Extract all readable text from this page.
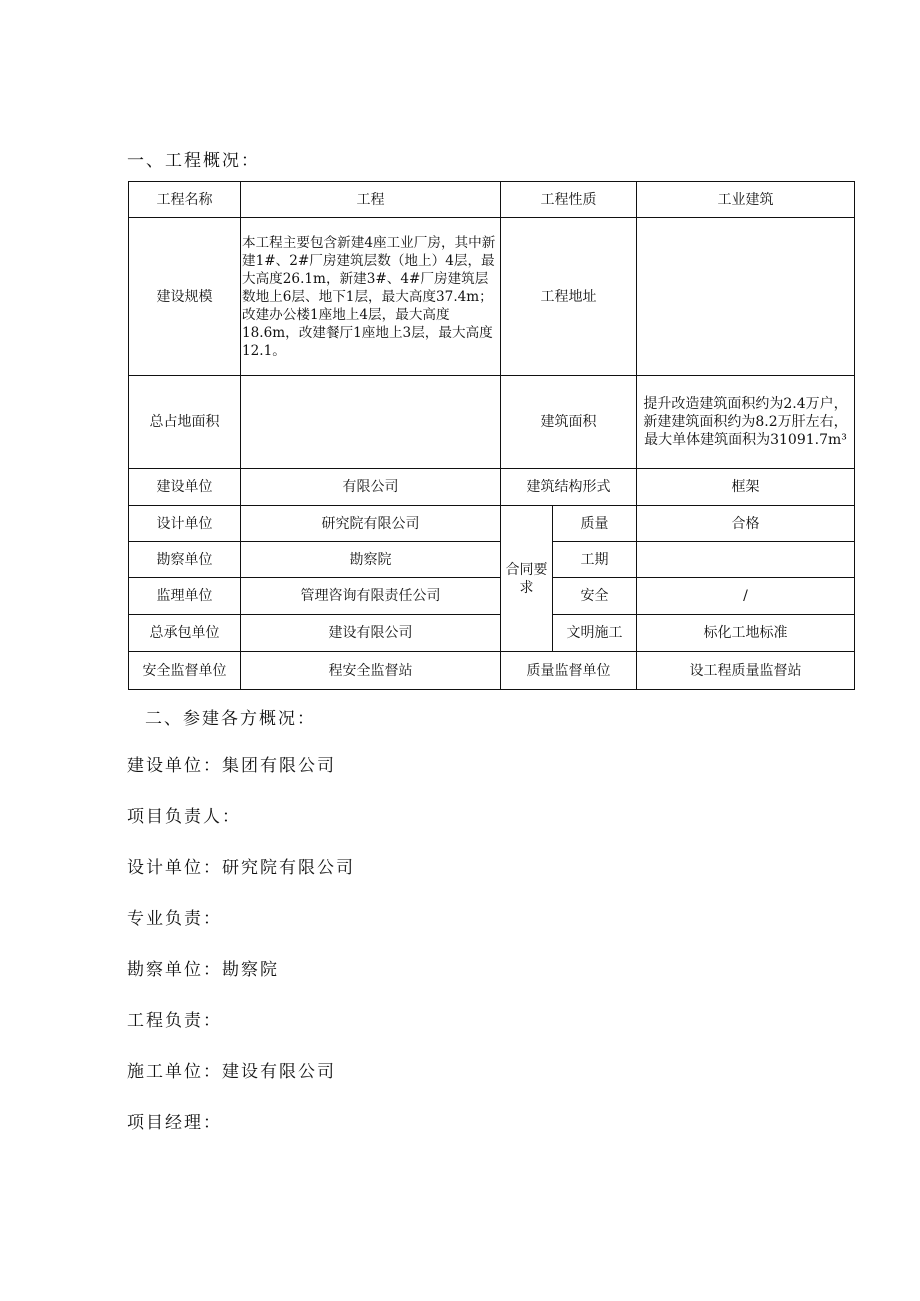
一、工程概况：
工程名称	工程	工程性质		工业建筑
建设规模	本工程主要包含新建4座工业厂房，其中新建1#、2#厂房建筑层数（地上）4层，最大高度26.1m，新建3#、4#厂房建筑层数地上6层、地下1层，最大高度37.4m；改建办公楼1座地上4层，最大高度18.6m，改建餐厅1座地上3层，最大高度12.1。	工程地址		
总占地面积		建筑面积		提升改造建筑面积约为2.4万户，新建建筑面积约为8.2万肝左右，最大单体建筑面积为31091.7m³
建设单位	有限公司	建筑结构形式		框架
设计单位	研究院有限公司	合同要求	质量	合格
勘察单位	勘察院		工期	
监理单位	管理咨询有限责任公司		安全	/
总承包单位	建设有限公司		文明施工	标化工地标准
安全监督单位	程安全监督站	质量监督单位		设工程质量监督站
二、参建各方概况：
建设单位：集团有限公司
项目负责人：
设计单位：研究院有限公司
专业负责：
勘察单位：勘察院
工程负责：
施工单位：建设有限公司
项目经理：
